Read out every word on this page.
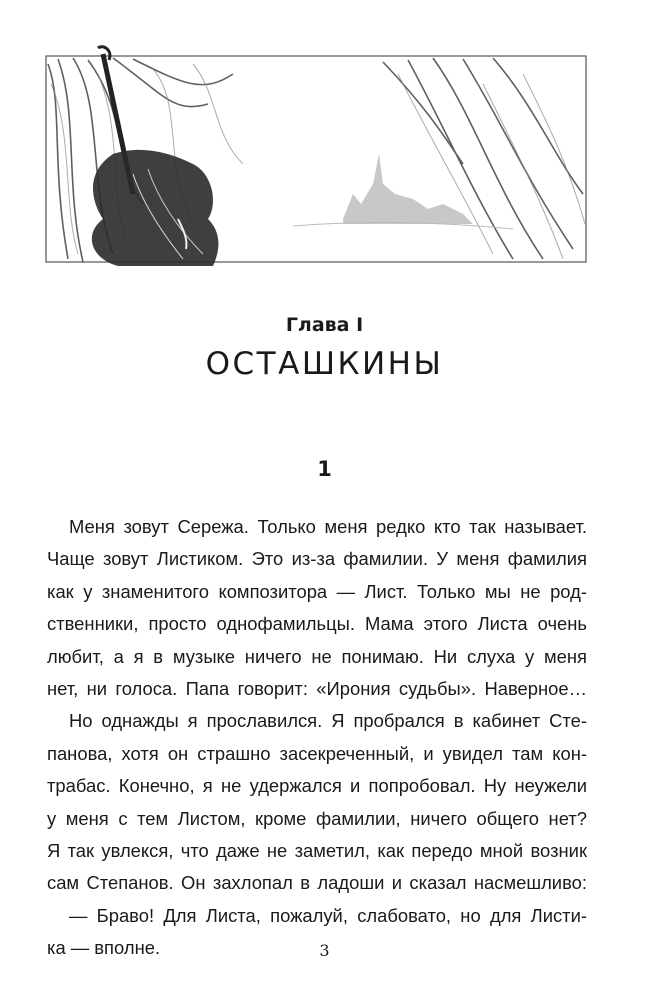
Глава I
ОСТАШКИНЫ
1
Меня зовут Сережа. Только меня редко кто так называет.
Чаще зовут Листиком. Это из-за фамилии. У меня фамилия
как у знаменитого композитора — Лист. Только мы не род-
ственники, просто однофамильцы. Мама этого Листа очень
любит, а я в музыке ничего не понимаю. Ни слуха у меня
нет, ни голоса. Папа говорит: «Ирония судьбы». Наверное…
Но однажды я прославился. Я пробрался в кабинет Сте-
панова, хотя он страшно засекреченный, и увидел там кон-
трабас. Конечно, я не удержался и попробовал. Ну неужели
у меня с тем Листом, кроме фамилии, ничего общего нет?
Я так увлекся, что даже не заметил, как передо мной возник
сам Степанов. Он захлопал в ладоши и сказал насмешливо:
— Браво! Для Листа, пожалуй, слабовато, но для Листи-
ка — вполне.	3
